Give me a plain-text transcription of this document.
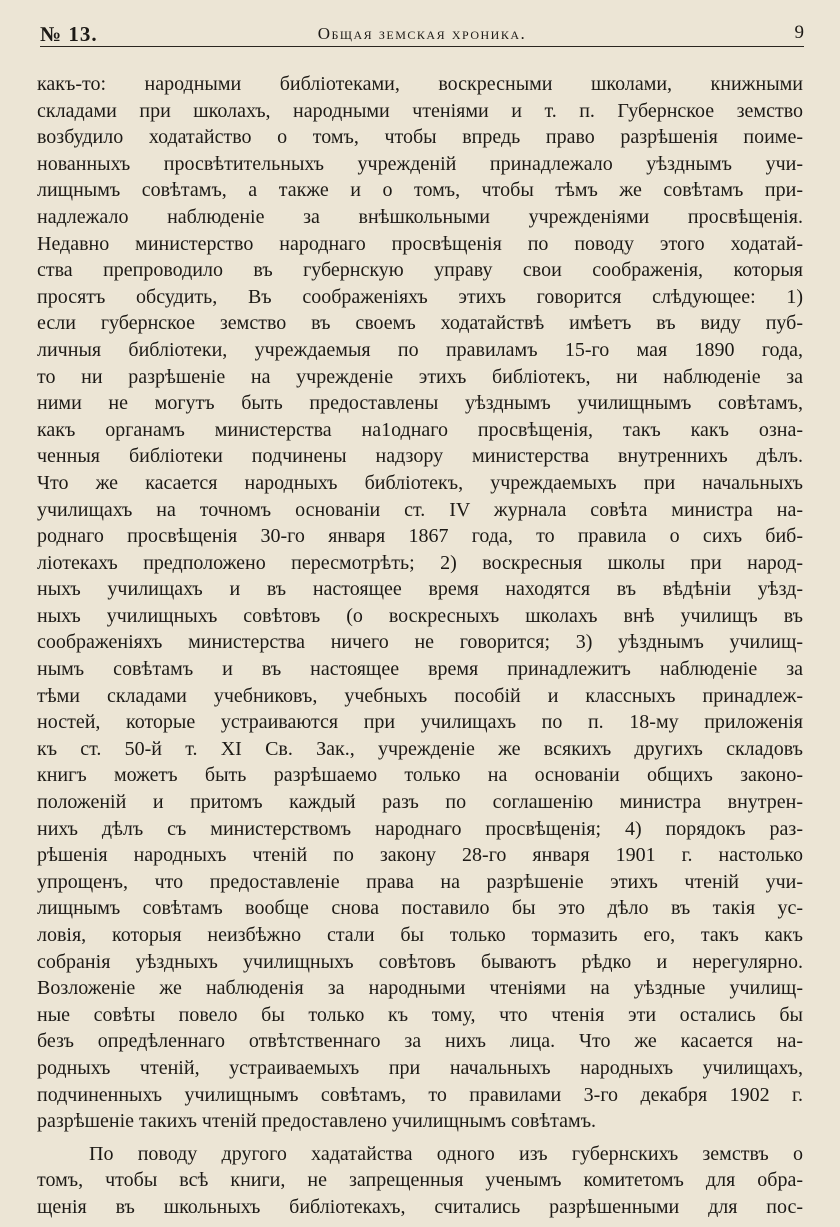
№ 13.	Общая земская хроника.	9
какъ-то: народными библіотеками, воскресными школами, книжными
складами при школахъ, народными чтеніями и т. п. Губернское земство
возбудило ходатайство о томъ, чтобы впредь право разрѣшенія поиме-
нованныхъ просвѣтительныхъ учрежденій принадлежало уѣзднымъ учи-
лищнымъ совѣтамъ, а также и о томъ, чтобы тѣмъ же совѣтамъ при-
надлежало наблюденіе за внѣшкольными учрежденіями просвѣщенія.
Недавно министерство народнаго просвѣщенія по поводу этого ходатай-
ства препроводило въ губернскую управу свои соображенія, которыя
просятъ обсудить, Въ соображеніяхъ этихъ говорится слѣдующее: 1)
если губернское земство въ своемъ ходатайствѣ имѣетъ въ виду пуб-
личныя библіотеки, учреждаемыя по правиламъ 15-го мая 1890 года,
то ни разрѣшеніе на учрежденіе этихъ библіотекъ, ни наблюденіе за
ними не могутъ быть предоставлены уѣзднымъ училищнымъ совѣтамъ,
какъ органамъ министерства на1однаго просвѣщенія, такъ какъ озна-
ченныя библіотеки подчинены надзору министерства внутреннихъ дѣлъ.
Что же касается народныхъ библіотекъ, учреждаемыхъ при начальныхъ
училищахъ на точномъ основаніи ст. IV журнала совѣта министра на-
роднаго просвѣщенія 30-го января 1867 года, то правила о сихъ биб-
ліотекахъ предположено пересмотрѣть; 2) воскресныя школы при народ-
ныхъ училищахъ и въ настоящее время находятся въ вѣдѣніи уѣзд-
ныхъ училищныхъ совѣтовъ (о воскресныхъ школахъ внѣ училищъ въ
соображеніяхъ министерства ничего не говорится; 3) уѣзднымъ училищ-
нымъ совѣтамъ и въ настоящее время принадлежитъ наблюденіе за
тѣми складами учебниковъ, учебныхъ пособій и классныхъ принадлеж-
ностей, которые устраиваются при училищахъ по п. 18-му приложенія
къ ст. 50-й т. XI Св. Зак., учрежденіе же всякихъ другихъ складовъ
книгъ можетъ быть разрѣшаемо только на основаніи общихъ законо-
положеній и притомъ каждый разъ по соглашенію министра внутрен-
нихъ дѣлъ съ министерствомъ народнаго просвѣщенія; 4) порядокъ раз-
рѣшенія народныхъ чтеній по закону 28-го января 1901 г. настолько
упрощенъ, что предоставленіе права на разрѣшеніе этихъ чтеній учи-
лищнымъ совѣтамъ вообще снова поставило бы это дѣло въ такія ус-
ловія, которыя неизбѣжно стали бы только тормазить его, такъ какъ
собранія уѣздныхъ училищныхъ совѣтовъ бываютъ рѣдко и нерегулярно.
Возложеніе же наблюденія за народными чтеніями на уѣздные училищ-
ные совѣты повело бы только къ тому, что чтенія эти остались бы
безъ опредѣленнаго отвѣтственнаго за нихъ лица. Что же касается на-
родныхъ чтеній, устраиваемыхъ при начальныхъ народныхъ училищахъ,
подчиненныхъ училищнымъ совѣтамъ, то правилами 3-го декабря 1902 г.
разрѣшеніе такихъ чтеній предоставлено училищнымъ совѣтамъ.
По поводу другого хадатайства одного изъ губернскихъ земствъ о
томъ, чтобы всѣ книги, не запрещенныя ученымъ комитетомъ для обра-
щенія въ школьныхъ библіотекахъ, считались разрѣшенными для пос-
